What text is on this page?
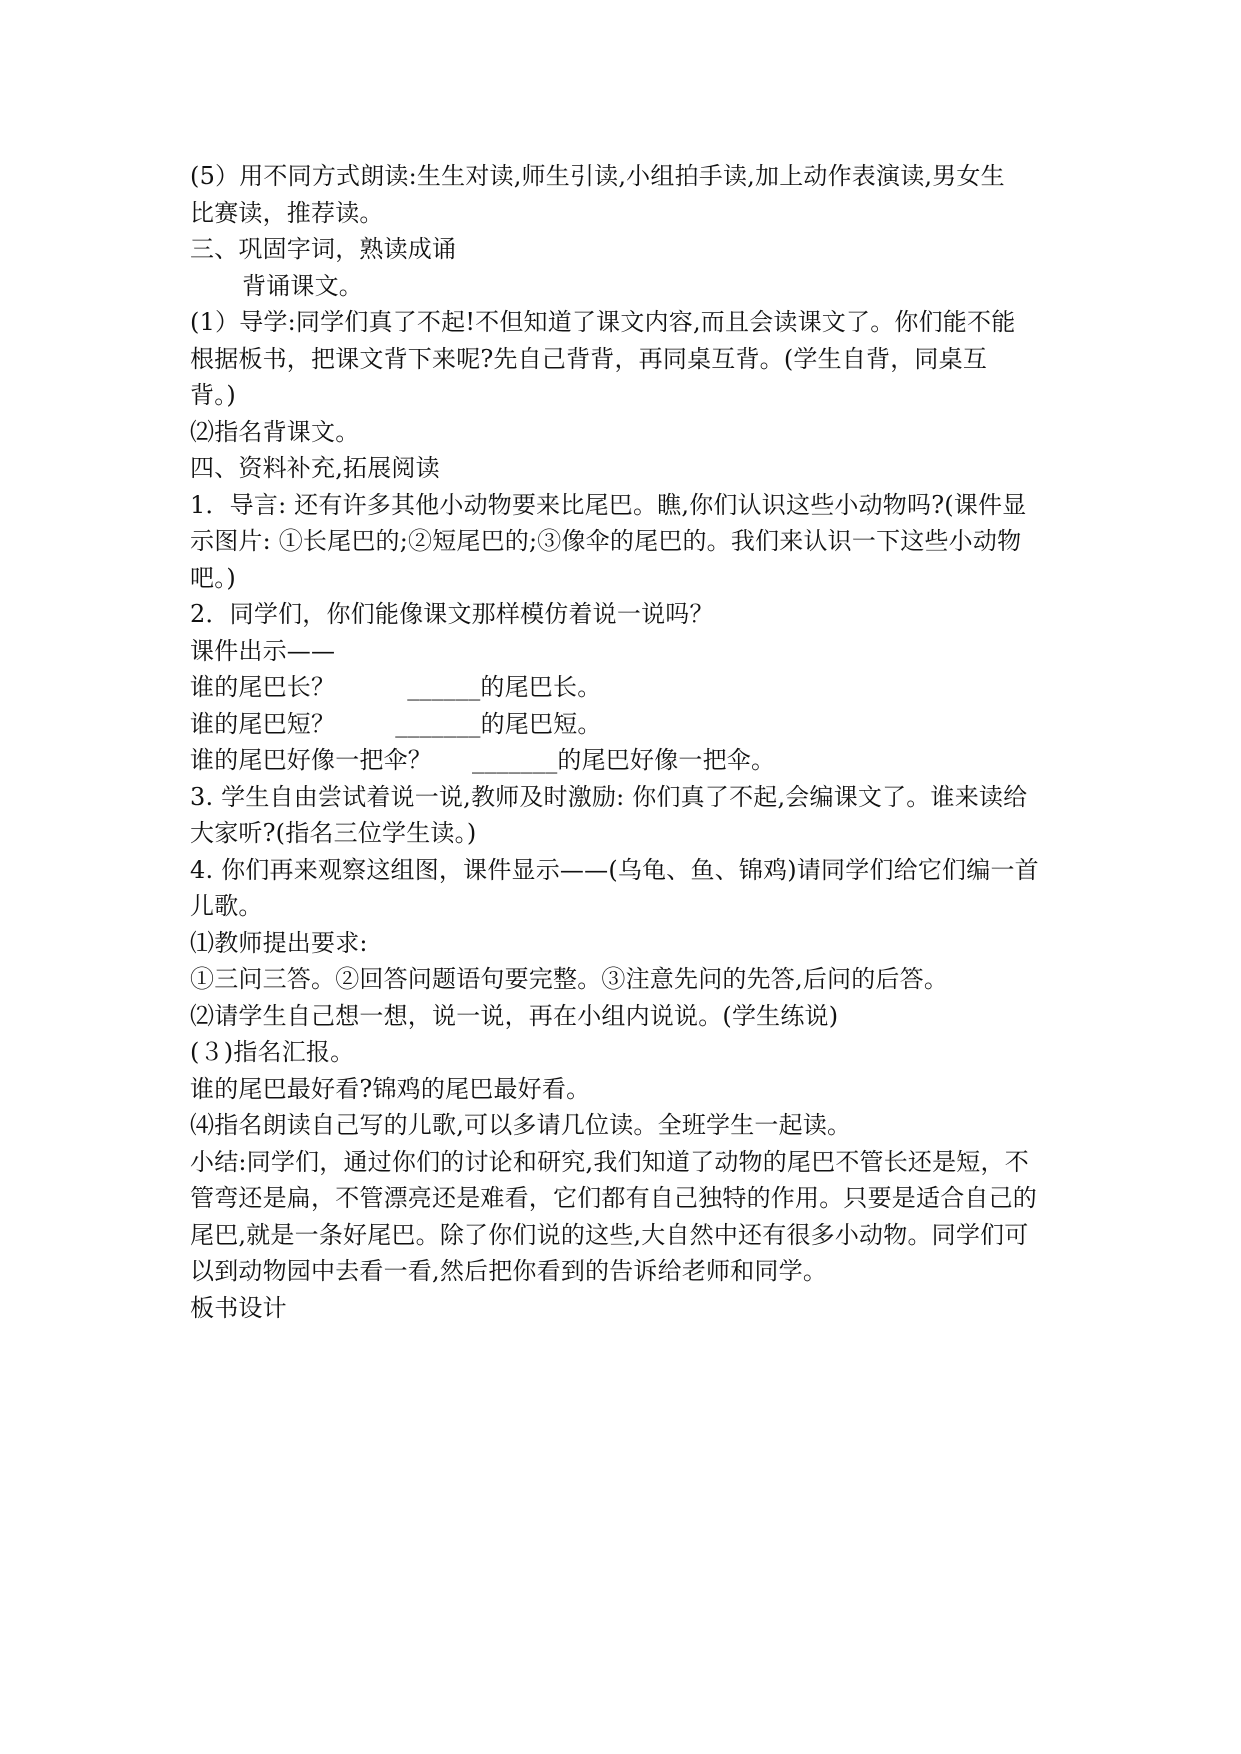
(5）用不同方式朗读:生生对读,师生引读,小组拍手读,加上动作表演读,男女生
比赛读，推荐读。
三、巩固字词，熟读成诵
背诵课文。
(1）导学:同学们真了不起!不但知道了课文内容,而且会读课文了。你们能不能
根据板书，把课文背下来呢?先自己背背，再同桌互背。(学生自背，同桌互
背。)
⑵指名背课文。
四、资料补充,拓展阅读
1．导言: 还有许多其他小动物要来比尾巴。瞧,你们认识这些小动物吗?(课件显
示图片: ①长尾巴的;②短尾巴的;③像伞的尾巴的。我们来认识一下这些小动物
吧。)
2．同学们，你们能像课文那样模仿着说一说吗？
课件出示——
谁的尾巴长？	______的尾巴长。
谁的尾巴短？	_______的尾巴短。
谁的尾巴好像一把伞？ _______的尾巴好像一把伞。
3. 学生自由尝试着说一说,教师及时激励: 你们真了不起,会编课文了。谁来读给
大家听?(指名三位学生读。)
4. 你们再来观察这组图，课件显示——(乌龟、鱼、锦鸡)请同学们给它们编一首
儿歌。
⑴教师提出要求:
①三问三答。②回答问题语句要完整。③注意先问的先答,后问的后答。
⑵请学生自己想一想，说一说，再在小组内说说。(学生练说)
(３)指名汇报。
谁的尾巴最好看?锦鸡的尾巴最好看。
⑷指名朗读自己写的儿歌,可以多请几位读。全班学生一起读。
小结:同学们，通过你们的讨论和研究,我们知道了动物的尾巴不管长还是短，不
管弯还是扁，不管漂亮还是难看，它们都有自己独特的作用。只要是适合自己的
尾巴,就是一条好尾巴。除了你们说的这些,大自然中还有很多小动物。同学们可
以到动物园中去看一看,然后把你看到的告诉给老师和同学。
板书设计
